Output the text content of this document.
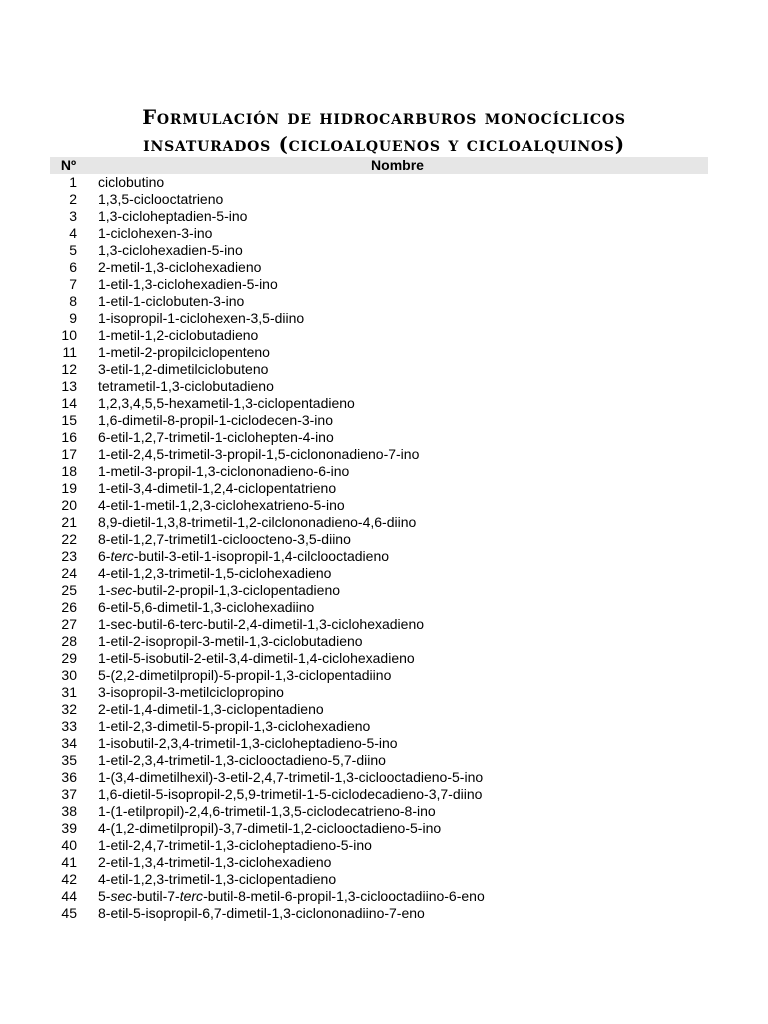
Formulación de hidrocarburos monocíclicos
insaturados (cicloalquenos y cicloalquinos)
Nº	Nombre
1	ciclobutino
2	1,3,5-ciclooctatrieno
3	1,3-cicloheptadien-5-ino
4	1-ciclohexen-3-ino
5	1,3-ciclohexadien-5-ino
6	2-metil-1,3-ciclohexadieno
7	1-etil-1,3-ciclohexadien-5-ino
8	1-etil-1-ciclobuten-3-ino
9	1-isopropil-1-ciclohexen-3,5-diino
10	1-metil-1,2-ciclobutadieno
11	1-metil-2-propilciclopenteno
12	3-etil-1,2-dimetilciclobuteno
13	tetrametil-1,3-ciclobutadieno
14	1,2,3,4,5,5-hexametil-1,3-ciclopentadieno
15	1,6-dimetil-8-propil-1-ciclodecen-3-ino
16	6-etil-1,2,7-trimetil-1-ciclohepten-4-ino
17	1-etil-2,4,5-trimetil-3-propil-1,5-ciclononadieno-7-ino
18	1-metil-3-propil-1,3-ciclononadieno-6-ino
19	1-etil-3,4-dimetil-1,2,4-ciclopentatrieno
20	4-etil-1-metil-1,2,3-ciclohexatrieno-5-ino
21	8,9-dietil-1,3,8-trimetil-1,2-cilclononadieno-4,6-diino
22	8-etil-1,2,7-trimetil1-cicloocteno-3,5-diino
23	6-terc-butil-3-etil-1-isopropil-1,4-cilclooctadieno
24	4-etil-1,2,3-trimetil-1,5-ciclohexadieno
25	1-sec-butil-2-propil-1,3-ciclopentadieno
26	6-etil-5,6-dimetil-1,3-ciclohexadiino
27	1-sec-butil-6-terc-butil-2,4-dimetil-1,3-ciclohexadieno
28	1-etil-2-isopropil-3-metil-1,3-ciclobutadieno
29	1-etil-5-isobutil-2-etil-3,4-dimetil-1,4-ciclohexadieno
30	5-(2,2-dimetilpropil)-5-propil-1,3-ciclopentadiino
31	3-isopropil-3-metilciclopropino
32	2-etil-1,4-dimetil-1,3-ciclopentadieno
33	1-etil-2,3-dimetil-5-propil-1,3-ciclohexadieno
34	1-isobutil-2,3,4-trimetil-1,3-cicloheptadieno-5-ino
35	1-etil-2,3,4-trimetil-1,3-ciclooctadieno-5,7-diino
36	1-(3,4-dimetilhexil)-3-etil-2,4,7-trimetil-1,3-ciclooctadieno-5-ino
37	1,6-dietil-5-isopropil-2,5,9-trimetil-1-5-ciclodecadieno-3,7-diino
38	1-(1-etilpropil)-2,4,6-trimetil-1,3,5-ciclodecatrieno-8-ino
39	4-(1,2-dimetilpropil)-3,7-dimetil-1,2-ciclooctadieno-5-ino
40	1-etil-2,4,7-trimetil-1,3-cicloheptadieno-5-ino
41	2-etil-1,3,4-trimetil-1,3-ciclohexadieno
42	4-etil-1,2,3-trimetil-1,3-ciclopentadieno
44	5-sec-butil-7-terc-butil-8-metil-6-propil-1,3-ciclooctadiino-6-eno
45	8-etil-5-isopropil-6,7-dimetil-1,3-ciclononadiino-7-eno
